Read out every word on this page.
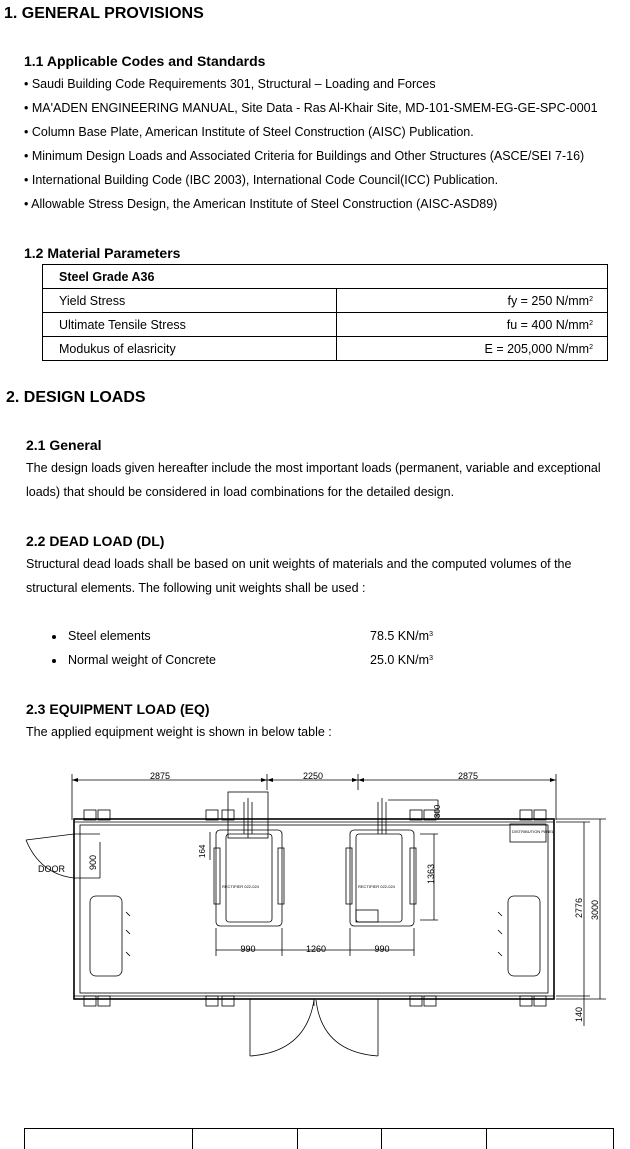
1. GENERAL PROVISIONS
1.1 Applicable Codes and Standards
• Saudi Building Code Requirements 301, Structural – Loading and Forces
• MA'ADEN ENGINEERING MANUAL, Site Data - Ras Al-Khair Site, MD-101-SMEM-EG-GE-SPC-0001
• Column Base Plate, American Institute of Steel Construction (AISC) Publication.
• Minimum Design Loads and Associated Criteria for Buildings and Other Structures (ASCE/SEI 7-16)
• International Building Code (IBC 2003), International Code Council(ICC) Publication.
• Allowable Stress Design, the American Institute of Steel Construction (AISC-ASD89)
1.2 Material Parameters
Steel Grade A36	
Yield Stress	fy = 250 $N/mm^2$
Ultimate Tensile Stress	fu = 400 $N/mm^2$
Modukus of elasricity	E = 205,000 $N/mm^2$
2. DESIGN LOADS
2.1 General
The design loads given hereafter include the most important loads (permanent, variable and exceptional
loads) that should be considered in load combinations for the detailed design.
2.2 DEAD LOAD (DL)
Structural dead loads shall be based on unit weights of materials and the computed volumes of the
structural elements. The following unit weights shall be used :
Steel elements	78.5 $KN/m^3$
Normal weight of Concrete	25.0 $KN/m^3$
2.3 EQUIPMENT LOAD (EQ)
The applied equipment weight is shown in below table :
2875	2250	2875
DOOR	900
164
RECTIFIER 022-024
300
1363
RECTIFIER 022-024
990	1260	990
DISTRIBUTION PANEL
2776 3000
140
